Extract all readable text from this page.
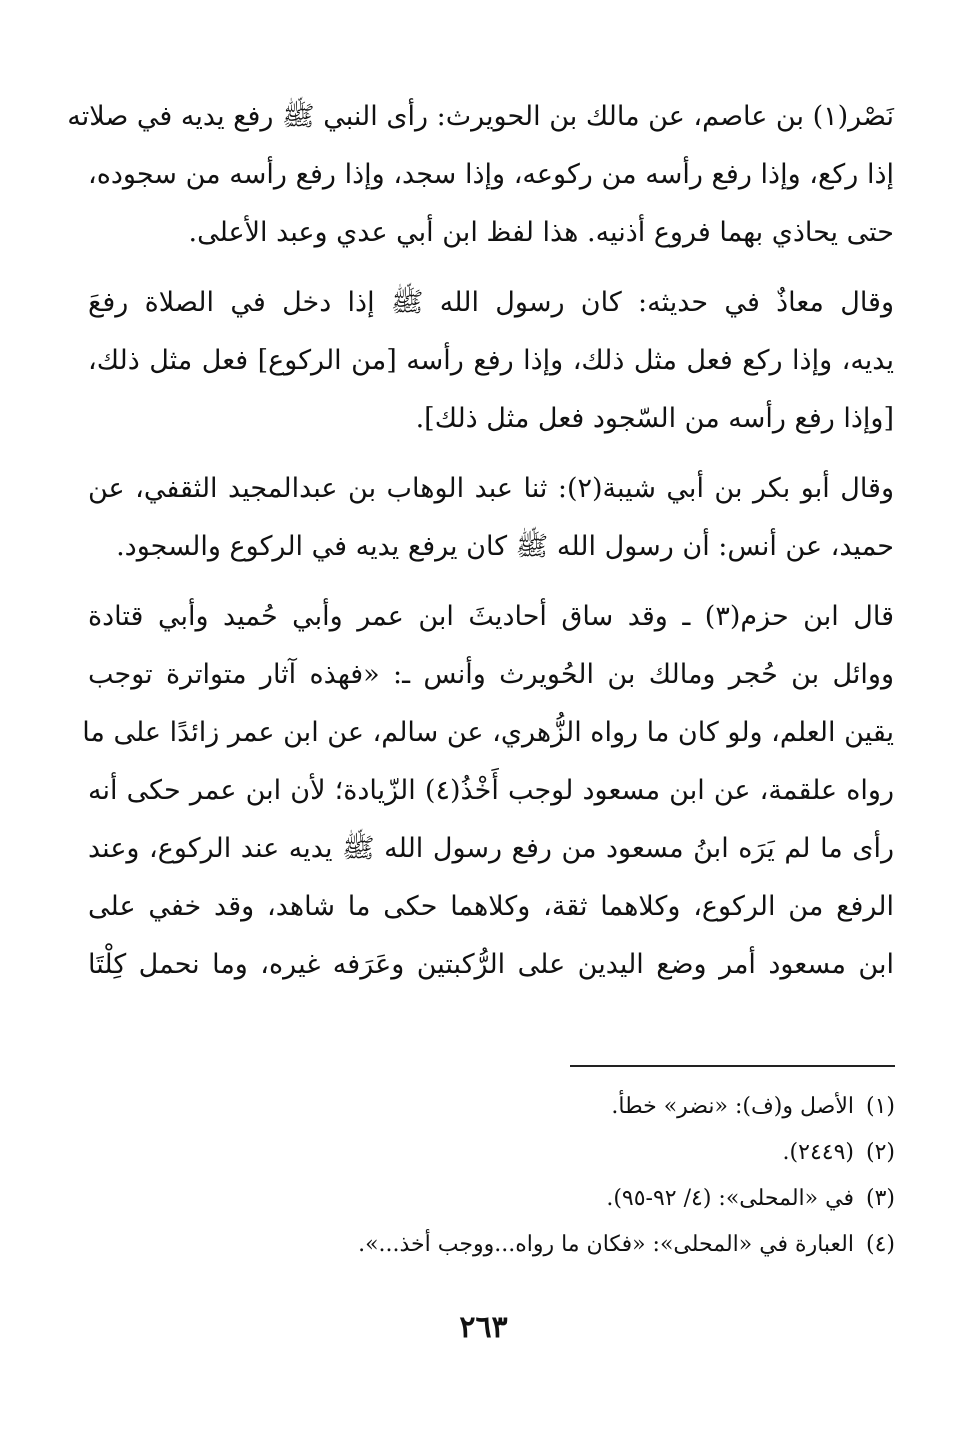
نَصْر(١) بن عاصم، عن مالك بن الحويرث: رأى النبي ﷺ رفع يديه في صلاته
إذا ركع، وإذا رفع رأسه من ركوعه، وإذا سجد، وإذا رفع رأسه من سجوده،
حتى يحاذي بهما فروع أذنيه. هذا لفظ ابن أبي عدي وعبد الأعلى.

وقال معاذٌ في حديثه: كان رسول الله ﷺ إذا دخل في الصلاة رفعَ
يديه، وإذا ركع فعل مثل ذلك، وإذا رفع رأسه [من الركوع] فعل مثل ذلك،
[وإذا رفع رأسه من السّجود فعل مثل ذلك].

وقال أبو بكر بن أبي شيبة(٢): ثنا عبد الوهاب بن عبدالمجيد الثقفي، عن
حميد، عن أنس: أن رسول الله ﷺ كان يرفع يديه في الركوع والسجود.

قال ابن حزم(٣) ـ وقد ساق أحاديثَ ابن عمر وأبي حُميد وأبي قتادة
ووائل بن حُجر ومالك بن الحُويرث وأنس ـ: «فهذه آثار متواترة توجب
يقين العلم، ولو كان ما رواه الزُّهري، عن سالم، عن ابن عمر زائدًا على ما
رواه علقمة، عن ابن مسعود لوجب أَخْذُ(٤) الزّيادة؛ لأن ابن عمر حكى أنه
رأى ما لم يَرَه ابنُ مسعود من رفع رسول الله ﷺ يديه عند الركوع، وعند
الرفع من الركوع، وكلاهما ثقة، وكلاهما حكى ما شاهد، وقد خفي على
ابن مسعود أمر وضع اليدين على الرُّكبتين وعَرَفه غيره، وما نحمل كِلْتَا

(١)الأصل و(ف): «نضر» خطأ.
(٢)(٢٤٤٩).
(٣)في «المحلى»: (٤/ ٩٢-٩٥).
(٤)العبارة في «المحلى»: «فكان ما رواه...ووجب أخذ...».
٢٦٣
